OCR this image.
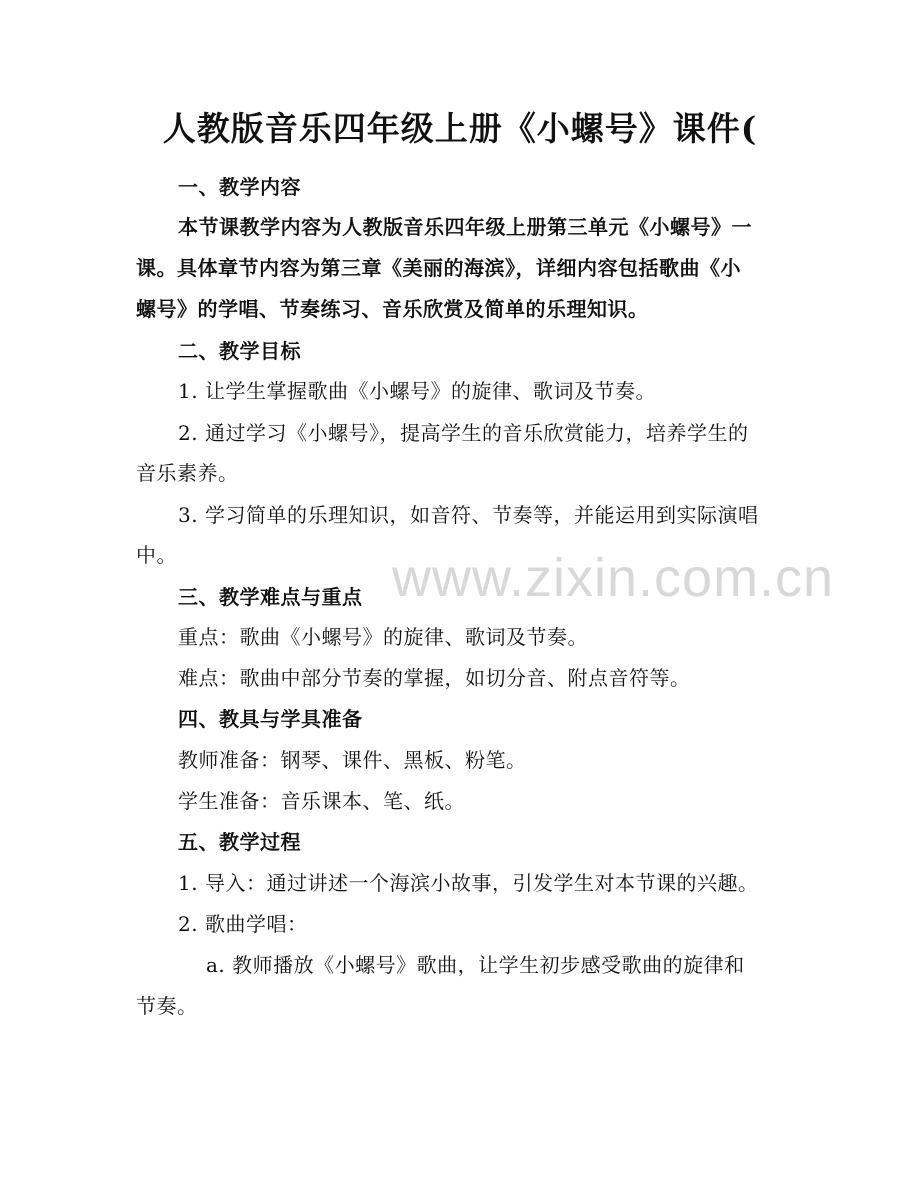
人教版音乐四年级上册《小螺号》课件(
一、教学内容
本节课教学内容为人教版音乐四年级上册第三单元《小螺号》一
课。具体章节内容为第三章《美丽的海滨》，详细内容包括歌曲《小
螺号》的学唱、节奏练习、音乐欣赏及简单的乐理知识。
二、教学目标
1. 让学生掌握歌曲《小螺号》的旋律、歌词及节奏。
2. 通过学习《小螺号》，提高学生的音乐欣赏能力，培养学生的
音乐素养。
3. 学习简单的乐理知识，如音符、节奏等，并能运用到实际演唱
中。
三、教学难点与重点
重点：歌曲《小螺号》的旋律、歌词及节奏。
难点：歌曲中部分节奏的掌握，如切分音、附点音符等。
四、教具与学具准备
教师准备：钢琴、课件、黑板、粉笔。
学生准备：音乐课本、笔、纸。
五、教学过程
1. 导入：通过讲述一个海滨小故事，引发学生对本节课的兴趣。
2. 歌曲学唱：
a. 教师播放《小螺号》歌曲，让学生初步感受歌曲的旋律和
节奏。
www.zixin.com.cn
